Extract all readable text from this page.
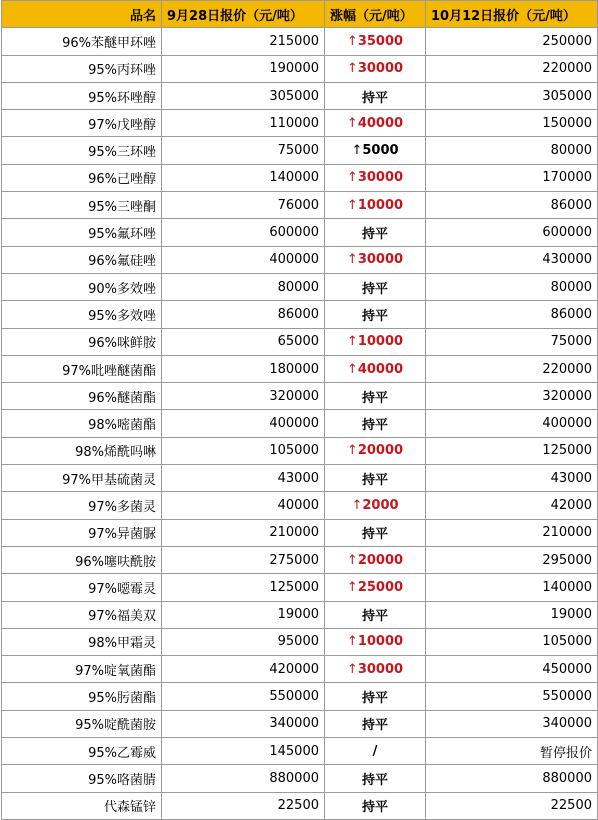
品名	9月28日报价（元/吨）	涨幅（元/吨）	10月12日报价（元/吨）
96%苯醚甲环唑	215000	↑35000	250000
95%丙环唑	190000	↑30000	220000
95%环唑醇	305000	持平	305000
97%戊唑醇	110000	↑40000	150000
95%三环唑	75000	↑5000	80000
96%己唑醇	140000	↑30000	170000
95%三唑酮	76000	↑10000	86000
95%氟环唑	600000	持平	600000
96%氟硅唑	400000	↑30000	430000
90%多效唑	80000	持平	80000
95%多效唑	86000	持平	86000
96%咪鲜胺	65000	↑10000	75000
97%吡唑醚菌酯	180000	↑40000	220000
96%醚菌酯	320000	持平	320000
98%嘧菌酯	400000	持平	400000
98%烯酰吗啉	105000	↑20000	125000
97%甲基硫菌灵	43000	持平	43000
97%多菌灵	40000	↑2000	42000
97%异菌脲	210000	持平	210000
96%噻呋酰胺	275000	↑20000	295000
97%噁霉灵	125000	↑25000	140000
97%福美双	19000	持平	19000
98%甲霜灵	95000	↑10000	105000
97%啶氧菌酯	420000	↑30000	450000
95%肟菌酯	550000	持平	550000
95%啶酰菌胺	340000	持平	340000
95%乙霉威	145000	/	暂停报价
95%咯菌腈	880000	持平	880000
代森锰锌	22500	持平	22500
